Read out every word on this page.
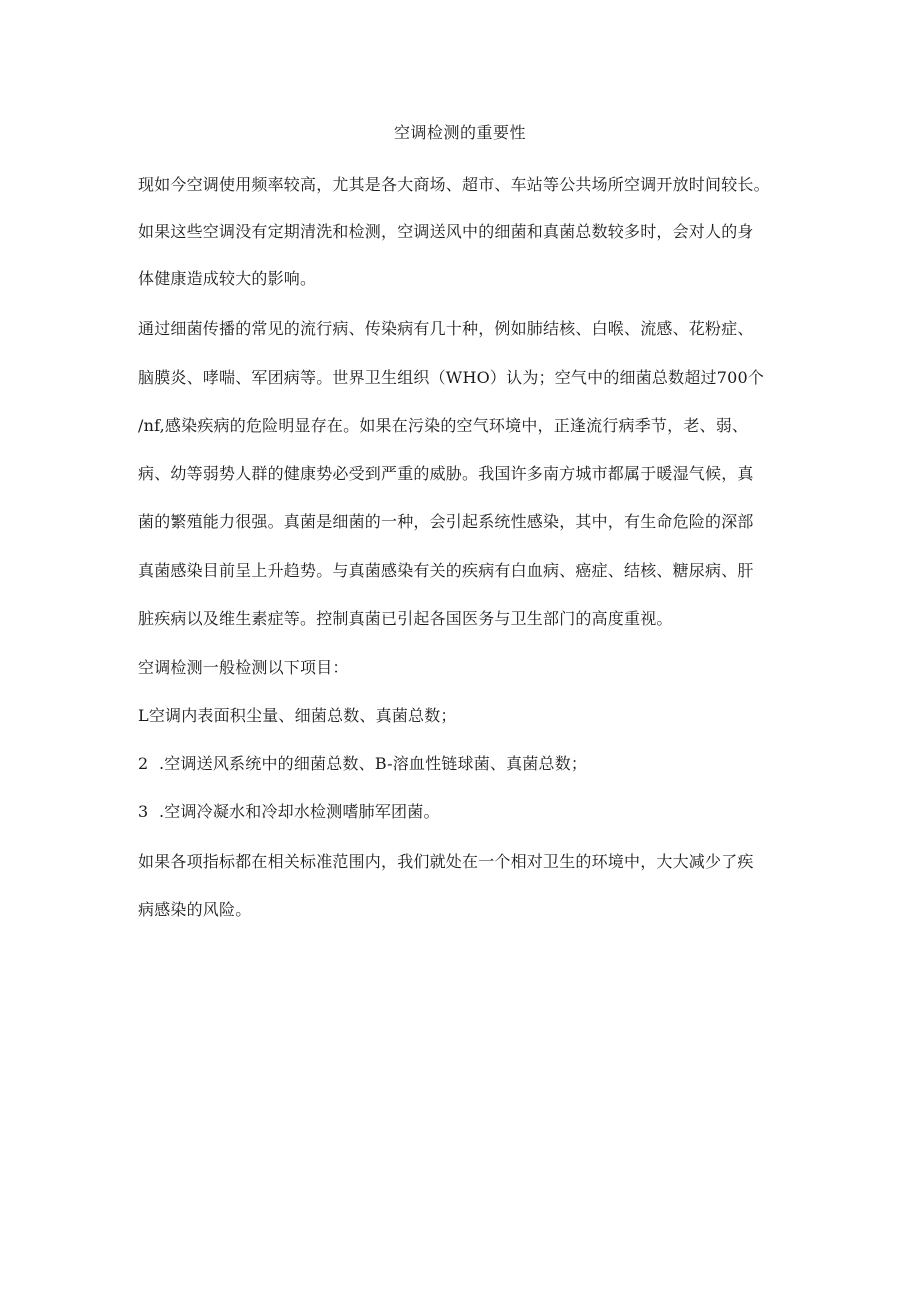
空调检测的重要性
现如今空调使用频率较高，尤其是各大商场、超市、车站等公共场所空调开放时间较长。
如果这些空调没有定期清洗和检测，空调送风中的细菌和真菌总数较多时，会对人的身
体健康造成较大的影响。
通过细菌传播的常见的流行病、传染病有几十种，例如肺结核、白喉、流感、花粉症、
脑膜炎、哮喘、军团病等。世界卫生组织（WHO）认为；空气中的细菌总数超过700个
/nf,感染疾病的危险明显存在。如果在污染的空气环境中，正逢流行病季节，老、弱、
病、幼等弱势人群的健康势必受到严重的威胁。我国许多南方城市都属于暖湿气候，真
菌的繁殖能力很强。真菌是细菌的一种，会引起系统性感染，其中，有生命危险的深部
真菌感染目前呈上升趋势。与真菌感染有关的疾病有白血病、癌症、结核、糖尿病、肝
脏疾病以及维生素症等。控制真菌已引起各国医务与卫生部门的高度重视。
空调检测一般检测以下项目：
L空调内表面积尘量、细菌总数、真菌总数；
2  .空调送风系统中的细菌总数、B-溶血性链球菌、真菌总数；
3  .空调冷凝水和冷却水检测嗜肺军团菌。
如果各项指标都在相关标准范围内，我们就处在一个相对卫生的环境中，大大减少了疾
病感染的风险。
